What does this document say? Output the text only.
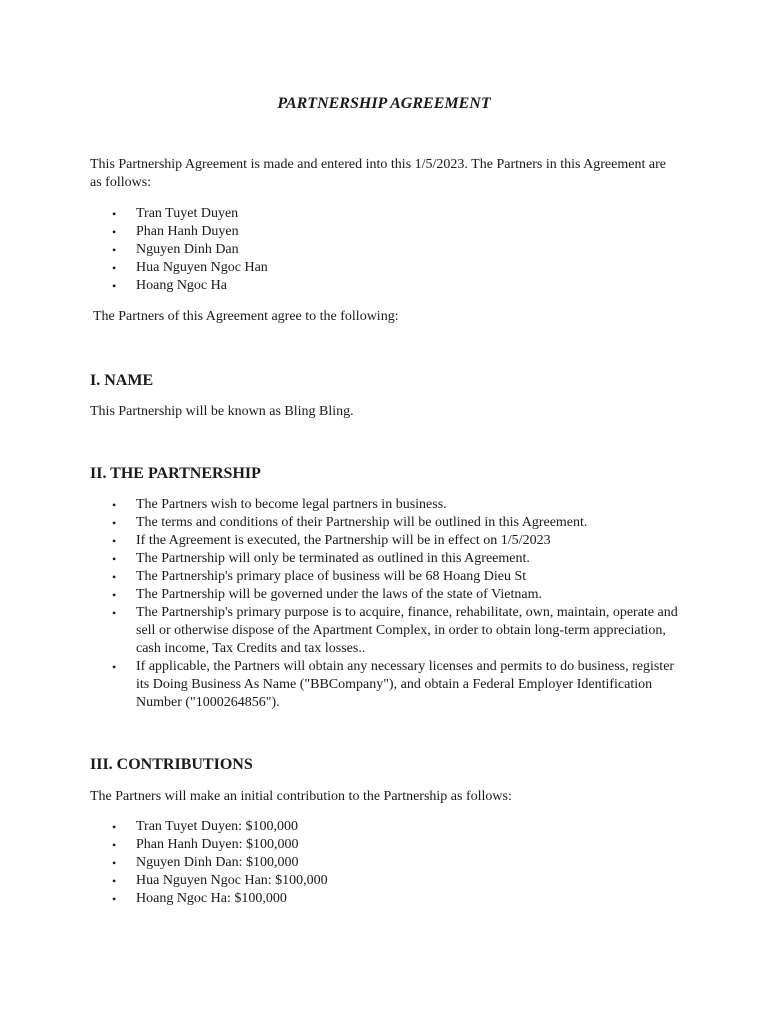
PARTNERSHIP AGREEMENT
This Partnership Agreement is made and entered into this 1/5/2023. The Partners in this Agreement are as follows:
• Tran Tuyet Duyen
• Phan Hanh Duyen
• Nguyen Dinh Dan
• Hua Nguyen Ngoc Han
• Hoang Ngoc Ha
The Partners of this Agreement agree to the following:
I. NAME
This Partnership will be known as Bling Bling.
II. THE PARTNERSHIP
• The Partners wish to become legal partners in business.
• The terms and conditions of their Partnership will be outlined in this Agreement.
• If the Agreement is executed, the Partnership will be in effect on 1/5/2023
• The Partnership will only be terminated as outlined in this Agreement.
• The Partnership's primary place of business will be 68 Hoang Dieu St
• The Partnership will be governed under the laws of the state of Vietnam.
• The Partnership's primary purpose is to acquire, finance, rehabilitate, own, maintain, operate and sell or otherwise dispose of the Apartment Complex, in order to obtain long-term appreciation, cash income, Tax Credits and tax losses..
• If applicable, the Partners will obtain any necessary licenses and permits to do business, register its Doing Business As Name ("BBCompany"), and obtain a Federal Employer Identification Number ("1000264856").
III. CONTRIBUTIONS
The Partners will make an initial contribution to the Partnership as follows:
• Tran Tuyet Duyen: $100,000
• Phan Hanh Duyen: $100,000
• Nguyen Dinh Dan: $100,000
• Hua Nguyen Ngoc Han: $100,000
• Hoang Ngoc Ha: $100,000
